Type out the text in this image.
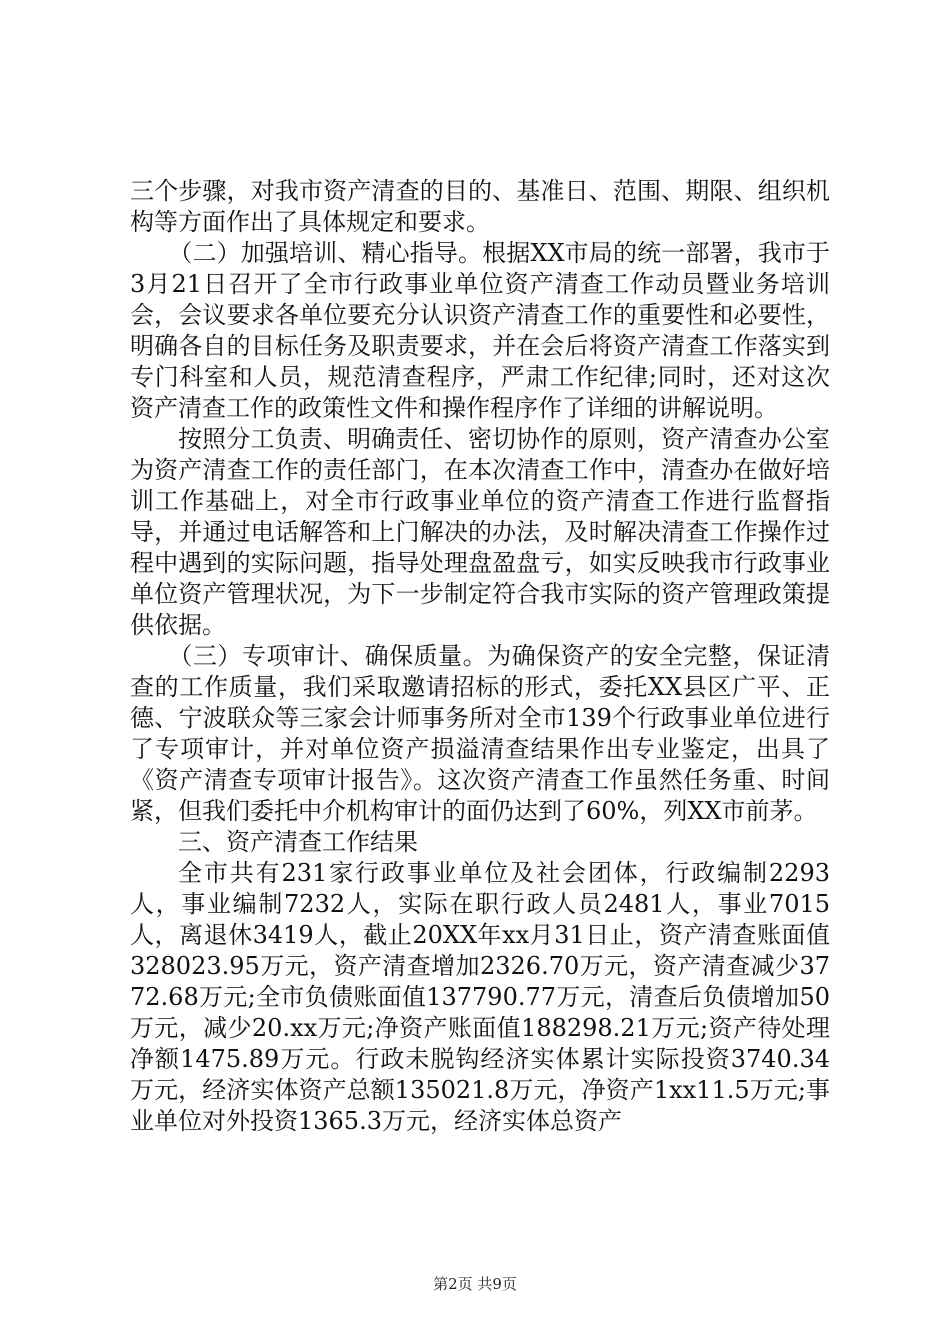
三个步骤，对我市资产清查的目的、基准日、范围、期限、组织机构等方面作出了具体规定和要求。

（二）加强培训、精心指导。根据XX市局的统一部署，我市于3月21日召开了全市行政事业单位资产清查工作动员暨业务培训会，会议要求各单位要充分认识资产清查工作的重要性和必要性，明确各自的目标任务及职责要求，并在会后将资产清查工作落实到专门科室和人员，规范清查程序，严肃工作纪律;同时，还对这次资产清查工作的政策性文件和操作程序作了详细的讲解说明。

按照分工负责、明确责任、密切协作的原则，资产清查办公室为资产清查工作的责任部门，在本次清查工作中，清查办在做好培训工作基础上，对全市行政事业单位的资产清查工作进行监督指导，并通过电话解答和上门解决的办法，及时解决清查工作操作过程中遇到的实际问题，指导处理盘盈盘亏，如实反映我市行政事业单位资产管理状况，为下一步制定符合我市实际的资产管理政策提供依据。

（三）专项审计、确保质量。为确保资产的安全完整，保证清查的工作质量，我们采取邀请招标的形式，委托XX县区广平、正德、宁波联众等三家会计师事务所对全市139个行政事业单位进行了专项审计，并对单位资产损溢清查结果作出专业鉴定，出具了《资产清查专项审计报告》。这次资产清查工作虽然任务重、时间紧，但我们委托中介机构审计的面仍达到了60%，列XX市前茅。

三、资产清查工作结果

全市共有231家行政事业单位及社会团体，行政编制2293人，事业编制7232人，实际在职行政人员2481人，事业7015人，离退休3419人，截止20XX年xx月31日止，资产清查账面值328023.95万元，资产清查增加2326.70万元，资产清查减少3772.68万元;全市负债账面值137790.77万元，清查后负债增加50万元，减少20.xx万元;净资产账面值188298.21万元;资产待处理净额1475.89万元。行政未脱钩经济实体累计实际投资3740.34万元，经济实体资产总额135021.8万元，净资产1xx11.5万元;事业单位对外投资1365.3万元，经济实体总资产

第2页 共9页
